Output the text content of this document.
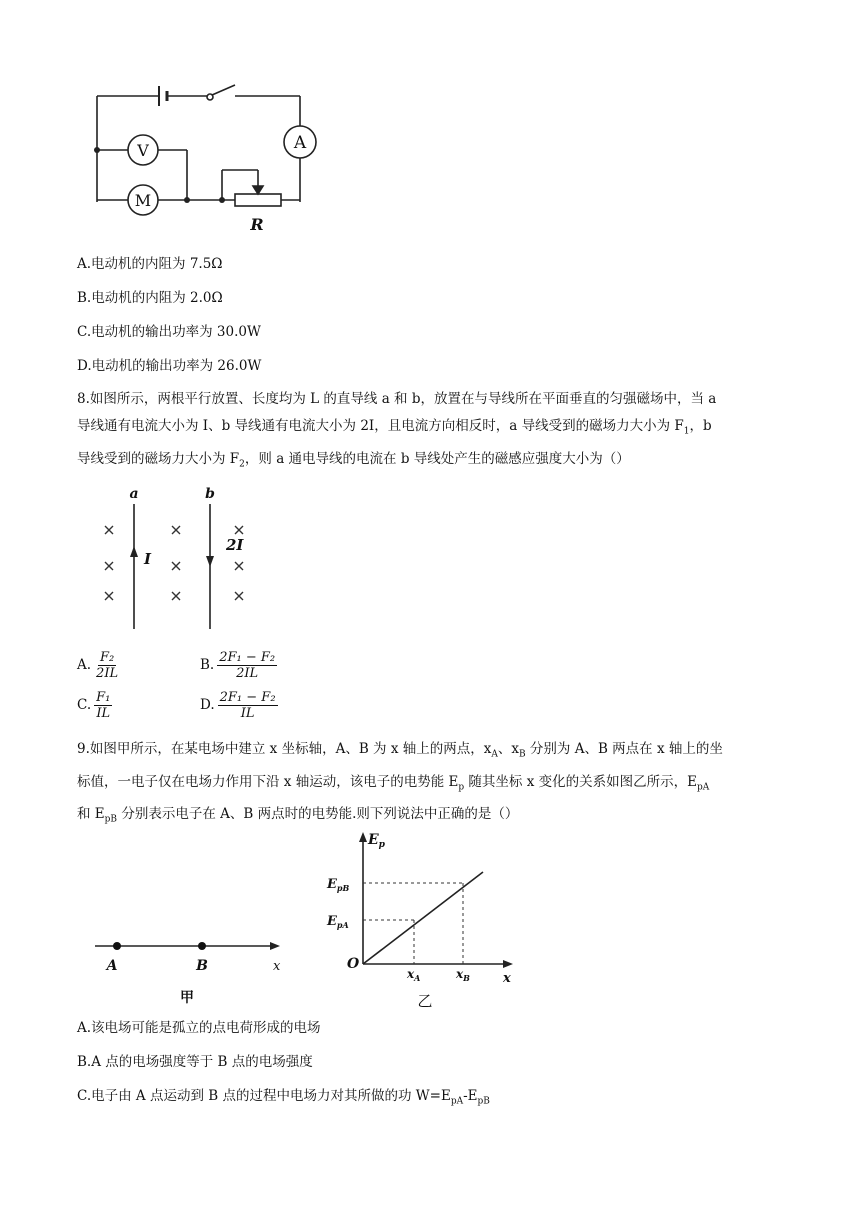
A
V
M
R
A.电动机的内阻为 7.5Ω
B.电动机的内阻为 2.0Ω
C.电动机的输出功率为 30.0W
D.电动机的输出功率为 26.0W
8.如图所示，两根平行放置、长度均为 L 的直导线 a 和 b，放置在与导线所在平面垂直的匀强磁场中，当 a
导线通有电流大小为 I、b 导线通有电流大小为 2I，且电流方向相反时，a 导线受到的磁场力大小为 $F_1$，b
导线受到的磁场力大小为 $F_2$，则 a 通电导线的电流在 b 导线处产生的磁感应强度大小为（）
a	b
I
2I
A. $\frac{\text{F₂}}{2IL}$	B. $\frac{\text{2F₁ − F₂}}{2IL}$
C. $\frac{\text{F₁}}{IL}$	D. $\frac{\text{2F₁ − F₂}}{IL}$
9.如图甲所示，在某电场中建立 x 坐标轴，A、B 为 x 轴上的两点，$x_A$、$x_B$ 分别为 A、B 两点在 x 轴上的坐
标值，一电子仅在电场力作用下沿 x 轴运动，该电子的电势能 $E_p$ 随其坐标 x 变化的关系如图乙所示，$E_{pA}$
和 $E_{pB}$ 分别表示电子在 A、B 两点时的电势能.则下列说法中正确的是（）
A	B	x
甲
$E_p$
$E_{pB}$
$E_{pA}$
O
$x_A$	$x_B$	x
乙
A.该电场可能是孤立的点电荷形成的电场
B.A 点的电场强度等于 B 点的电场强度
C.电子由 A 点运动到 B 点的过程中电场力对其所做的功 $W=E_{pA}-E_{pB}$
